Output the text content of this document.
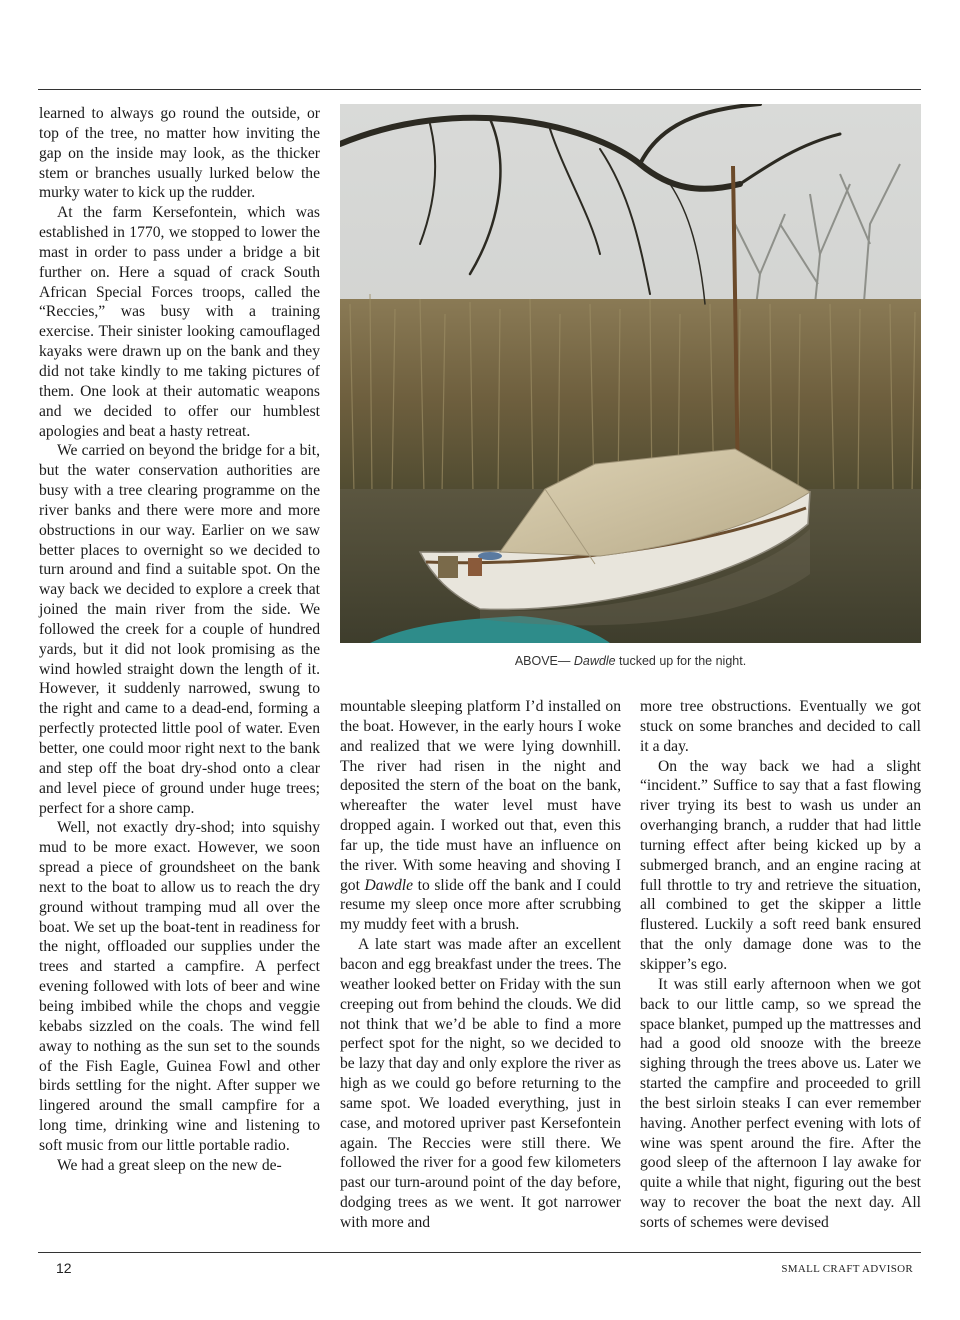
learned to always go round the outside, or top of the tree, no matter how inviting the gap on the inside may look, as the thicker stem or branches usually lurked below the murky water to kick up the rudder.

At the farm Kersefontein, which was established in 1770, we stopped to lower the mast in order to pass under a bridge a bit further on. Here a squad of crack South African Special Forces troops, called the “Reccies,” was busy with a training exercise. Their sinister looking camouflaged kayaks were drawn up on the bank and they did not take kindly to me taking pictures of them. One look at their automatic weapons and we decided to offer our humblest apologies and beat a hasty retreat.

We carried on beyond the bridge for a bit, but the water conservation authorities are busy with a tree clearing programme on the river banks and there were more and more obstructions in our way. Earlier on we saw better places to overnight so we decided to turn around and find a suitable spot. On the way back we decided to explore a creek that joined the main river from the side. We followed the creek for a couple of hundred yards, but it did not look promising as the wind howled straight down the length of it. However, it suddenly narrowed, swung to the right and came to a dead-end, forming a perfectly protected little pool of water. Even better, one could moor right next to the bank and step off the boat dry-shod onto a clear and level piece of ground under huge trees; perfect for a shore camp.

Well, not exactly dry-shod; into squishy mud to be more exact. However, we soon spread a piece of groundsheet on the bank next to the boat to allow us to reach the dry ground without tramping mud all over the boat. We set up the boat-tent in readiness for the night, offloaded our supplies under the trees and started a campfire. A perfect evening followed with lots of beer and wine being imbibed while the chops and veggie kebabs sizzled on the coals. The wind fell away to nothing as the sun set to the sounds of the Fish Eagle, Guinea Fowl and other birds settling for the night. After supper we lingered around the small campfire for a long time, drinking wine and listening to soft music from our little portable radio.

We had a great sleep on the new de-

ABOVE— Dawdle tucked up for the night.

mountable sleeping platform I’d installed on the boat. However, in the early hours I woke and realized that we were lying downhill. The river had risen in the night and deposited the stern of the boat on the bank, whereafter the water level must have dropped again. I worked out that, even this far up, the tide must have an influence on the river. With some heaving and shoving I got Dawdle to slide off the bank and I could resume my sleep once more after scrubbing my muddy feet with a brush.

A late start was made after an excellent bacon and egg breakfast under the trees. The weather looked better on Friday with the sun creeping out from behind the clouds. We did not think that we’d be able to find a more perfect spot for the night, so we decided to be lazy that day and only explore the river as high as we could go before returning to the same spot. We loaded everything, just in case, and motored upriver past Kersefontein again. The Reccies were still there. We followed the river for a good few kilometers past our turn-around point of the day before, dodging trees as we went. It got narrower with more and

more tree obstructions. Eventually we got stuck on some branches and decided to call it a day.

On the way back we had a slight “incident.” Suffice to say that a fast flowing river trying its best to wash us under an overhanging branch, a rudder that had little turning effect after being kicked up by a submerged branch, and an engine racing at full throttle to try and retrieve the situation, all combined to get the skipper a little flustered. Luckily a soft reed bank ensured that the only damage done was to the skipper’s ego.

It was still early afternoon when we got back to our little camp, so we spread the space blanket, pumped up the mattresses and had a good old snooze with the breeze sighing through the trees above us. Later we started the campfire and proceeded to grill the best sirloin steaks I can ever remember having. Another perfect evening with lots of wine was spent around the fire. After the good sleep of the afternoon I lay awake for quite a while that night, figuring out the best way to recover the boat the next day. All sorts of schemes were devised

12	SMALL CRAFT ADVISOR
